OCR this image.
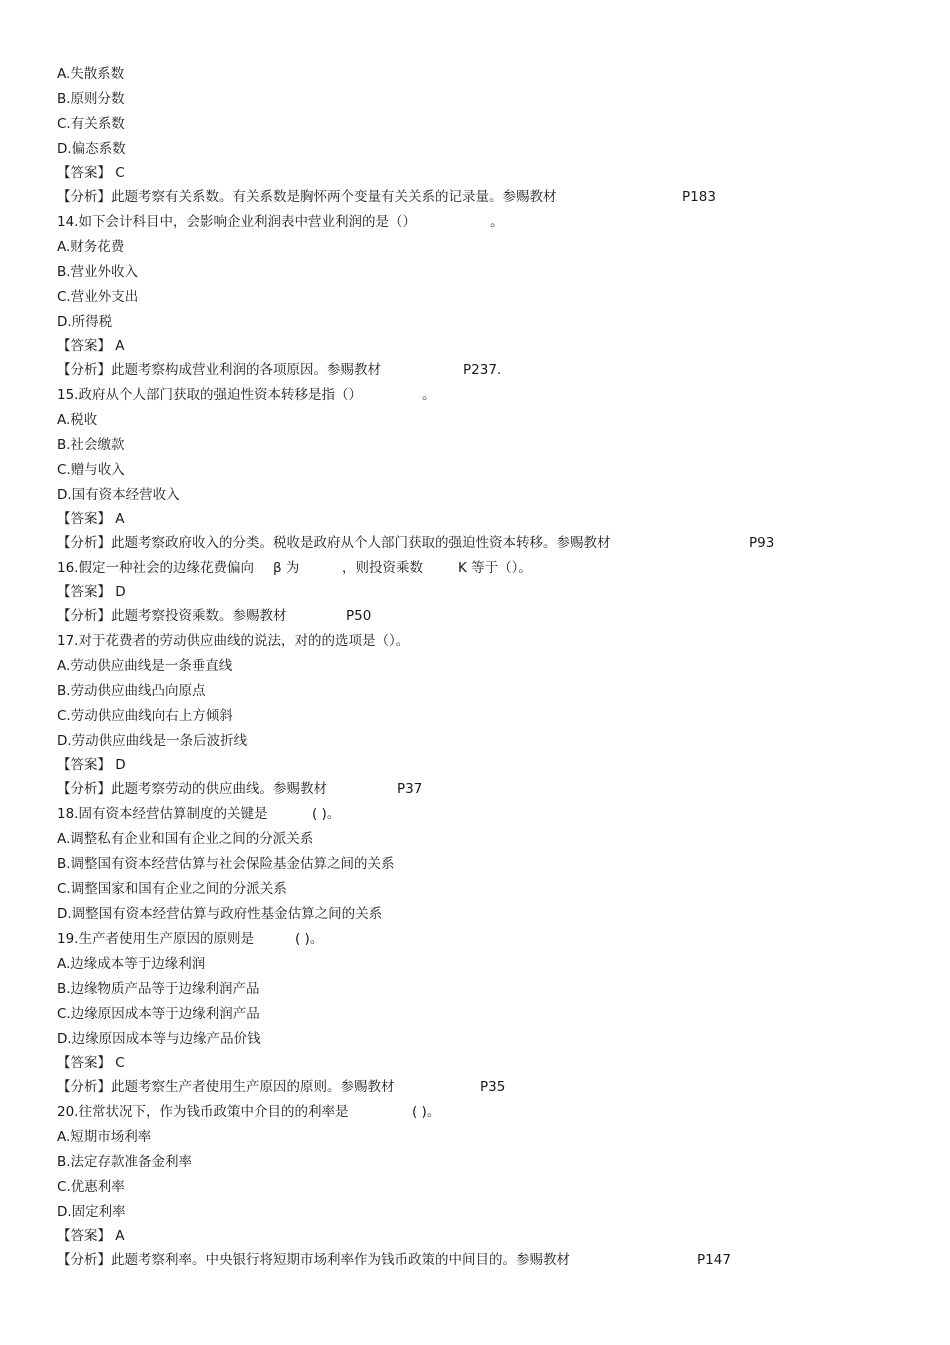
A.失散系数
B.原则分数
C.有关系数
D.偏态系数
【答案】 C
【分析】此题考察有关系数。有关系数是胸怀两个变量有关关系的记录量。参赐教材	P183
14.如下会计科目中，会影响企业利润表中营业利润的是（）	。
A.财务花费
B.营业外收入
C.营业外支出
D.所得税
【答案】 A
【分析】此题考察构成营业利润的各项原因。参赐教材	P237.
15.政府从个人部门获取的强迫性资本转移是指（）	。
A.税收
B.社会缴款
C.赠与收入
D.国有资本经营收入
【答案】 A
【分析】此题考察政府收入的分类。税收是政府从个人部门获取的强迫性资本转移。参赐教材	P93
16.假定一种社会的边缘花费偏向 β 为	，则投资乘数	K 等于（）。
【答案】 D
【分析】此题考察投资乘数。参赐教材	P50
17.对于花费者的劳动供应曲线的说法，对的的选项是（）。
A.劳动供应曲线是一条垂直线
B.劳动供应曲线凸向原点
C.劳动供应曲线向右上方倾斜
D.劳动供应曲线是一条后波折线
【答案】 D
【分析】此题考察劳动的供应曲线。参赐教材	P37
18.固有资本经营估算制度的关键是	( )。
A.调整私有企业和国有企业之间的分派关系
B.调整国有资本经营估算与社会保险基金估算之间的关系
C.调整国家和国有企业之间的分派关系
D.调整国有资本经营估算与政府性基金估算之间的关系
19.生产者使用生产原因的原则是	( )。
A.边缘成本等于边缘利润
B.边缘物质产品等于边缘利润产品
C.边缘原因成本等于边缘利润产品
D.边缘原因成本等与边缘产品价钱
【答案】 C
【分析】此题考察生产者使用生产原因的原则。参赐教材	P35
20.往常状况下，作为钱币政策中介目的的利率是	( )。
A.短期市场利率
B.法定存款准备金利率
C.优惠利率
D.固定利率
【答案】 A
【分析】此题考察利率。中央银行将短期市场利率作为钱币政策的中间目的。参赐教材	P147
